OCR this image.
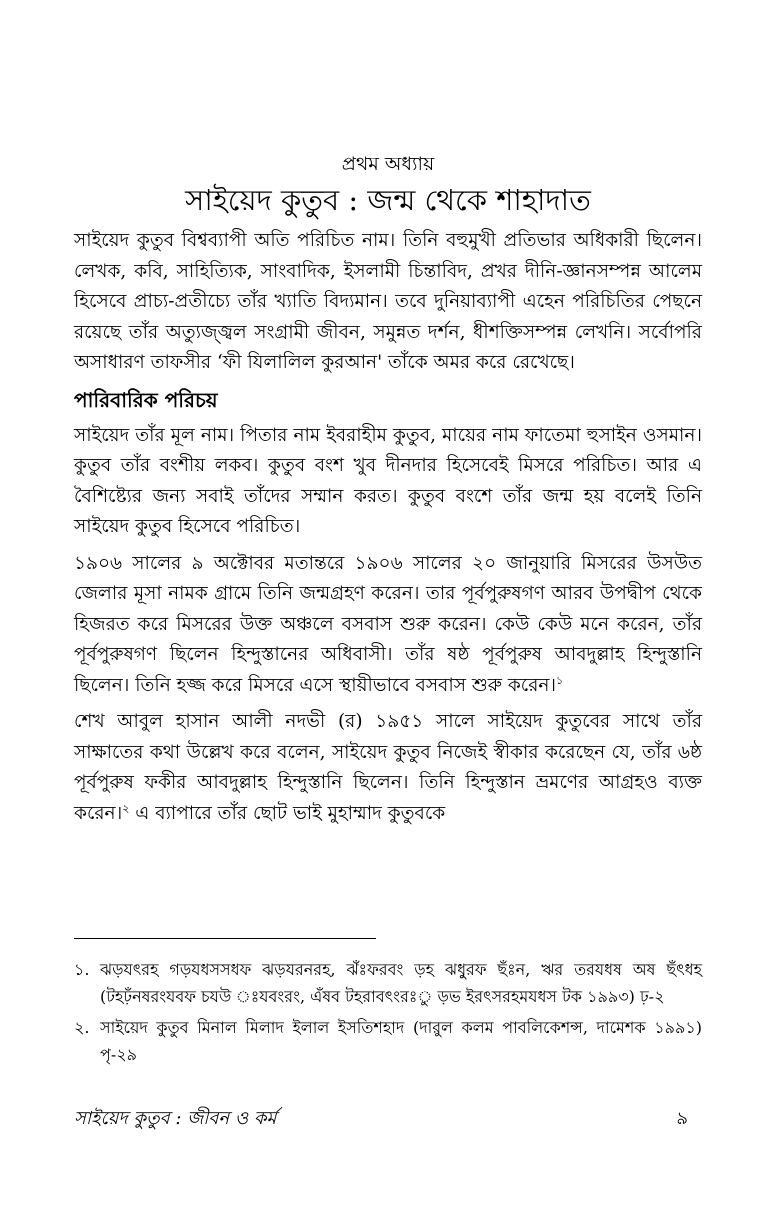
প্রথম অধ্যায়
সাইয়েদ কুতুব : জন্ম থেকে শাহাদাত

সাইয়েদ কুতুব বিশ্বব্যাপী অতি পরিচিত নাম। তিনি বহুমুখী প্রতিভার অধিকারী ছিলেন। লেখক, কবি, সাহিত্যিক, সাংবাদিক, ইসলামী চিন্তাবিদ, প্রখর দীনি-জ্ঞানসম্পন্ন আলেম হিসেবে প্রাচ্য-প্রতীচ্যে তাঁর খ্যাতি বিদ্যমান। তবে দুনিয়াব্যাপী এহেন পরিচিতির পেছনে রয়েছে তাঁর অত্যুজ্জ্বল সংগ্রামী জীবন, সমুন্নত দর্শন, ধীশক্তিসম্পন্ন লেখনি। সর্বোপরি অসাধারণ তাফসীর ‘ফী যিলালিল কুরআন' তাঁকে অমর করে রেখেছে।

পারিবারিক পরিচয়

সাইয়েদ তাঁর মূল নাম। পিতার নাম ইবরাহীম কুতুব, মায়ের নাম ফাতেমা হুসাইন ওসমান। কুতুব তাঁর বংশীয় লকব। কুতুব বংশ খুব দীনদার হিসেবেই মিসরে পরিচিত। আর এ বৈশিষ্ট্যের জন্য সবাই তাঁদের সম্মান করত। কুতুব বংশে তাঁর জন্ম হয় বলেই তিনি সাইয়েদ কুতুব হিসেবে পরিচিত।

১৯০৬ সালের ৯ অক্টোবর মতান্তরে ১৯০৬ সালের ২০ জানুয়ারি মিসরের উসউত জেলার মূসা নামক গ্রামে তিনি জন্মগ্রহণ করেন। তার পূর্বপুরুষগণ আরব উপদ্বীপ থেকে হিজরত করে মিসরের উক্ত অঞ্চলে বসবাস শুরু করেন। কেউ কেউ মনে করেন, তাঁর পূর্বপুরুষগণ ছিলেন হিন্দুস্তানের অধিবাসী। তাঁর ষষ্ঠ পূর্বপুরুষ আবদুল্লাহ হিন্দুস্তানি ছিলেন। তিনি হজ্জ করে মিসরে এসে স্থায়ীভাবে বসবাস শুরু করেন।$^১$

শেখ আবুল হাসান আলী নদভী (র) ১৯৫১ সালে সাইয়েদ কুতুবের সাথে তাঁর সাক্ষাতের কথা উল্লেখ করে বলেন, সাইয়েদ কুতুব নিজেই স্বীকার করেছেন যে, তাঁর ৬ষ্ঠ পূর্বপুরুষ ফকীর আবদুল্লাহ হিন্দুস্তানি ছিলেন। তিনি হিন্দুস্তান ভ্রমণের আগ্রহও ব্যক্ত করেন।$^২$ এ ব্যাপারে তাঁর ছোট ভাই মুহাম্মাদ কুতুবকে

১. ঝড়যৎরহ গড়যধসসধফ ঝড়যরনরহ, ঝঁঃফরবং ড়হ ঝধুুরফ ছঁঃন, ঋর তরযধষ অষ ছঁৎধহ (টহঢ়ঁনষরংযবফ চযউ ঃযবংরং, এঁষব টহরাবৎংরঃু ড়ভ ইরৎসরহমযধস টক ১৯৯৩) ঢ়-২
২. সাইয়েদ কুতুব মিনাল মিলাদ ইলাল ইসতিশহাদ (দার‍ুল কলম পাবলিকেশন্স, দামেশক ১৯৯১) পৃ-২৯
সাইয়েদ কুতুব : জীবন ও কর্ম	৯
